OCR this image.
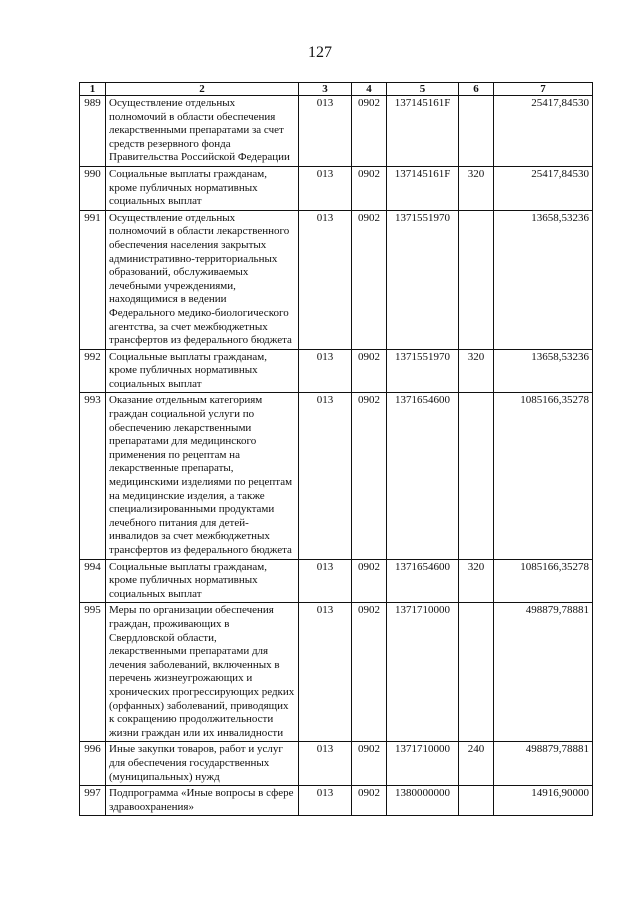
127
1	2	3	4	5	6	7
989	Осуществление отдельных полномочий в области обеспечения лекарственными препаратами за счет средств резервного фонда Правительства Российской Федерации	013	0902	137145161F		25417,84530
990	Социальные выплаты гражданам, кроме публичных нормативных социальных выплат	013	0902	137145161F	320	25417,84530
991	Осуществление отдельных полномочий в области лекарственного обеспечения населения закрытых административно-территориальных образований, обслуживаемых лечебными учреждениями, находящимися в ведении Федерального медико-биологического агентства, за счет межбюджетных трансфертов из федерального бюджета	013	0902	1371551970		13658,53236
992	Социальные выплаты гражданам, кроме публичных нормативных социальных выплат	013	0902	1371551970	320	13658,53236
993	Оказание отдельным категориям граждан социальной услуги по обеспечению лекарственными препаратами для медицинского применения по рецептам на лекарственные препараты, медицинскими изделиями по рецептам на медицинские изделия, а также специализированными продуктами лечебного питания для детей-инвалидов за счет межбюджетных трансфертов из федерального бюджета	013	0902	1371654600		1085166,35278
994	Социальные выплаты гражданам, кроме публичных нормативных социальных выплат	013	0902	1371654600	320	1085166,35278
995	Меры по организации обеспечения граждан, проживающих в Свердловской области, лекарственными препаратами для лечения заболеваний, включенных в перечень жизнеугрожающих и хронических прогрессирующих редких (орфанных) заболеваний, приводящих к сокращению продолжительности жизни граждан или их инвалидности	013	0902	1371710000		498879,78881
996	Иные закупки товаров, работ и услуг для обеспечения государственных (муниципальных) нужд	013	0902	1371710000	240	498879,78881
997	Подпрограмма «Иные вопросы в сфере здравоохранения»	013	0902	1380000000		14916,90000
